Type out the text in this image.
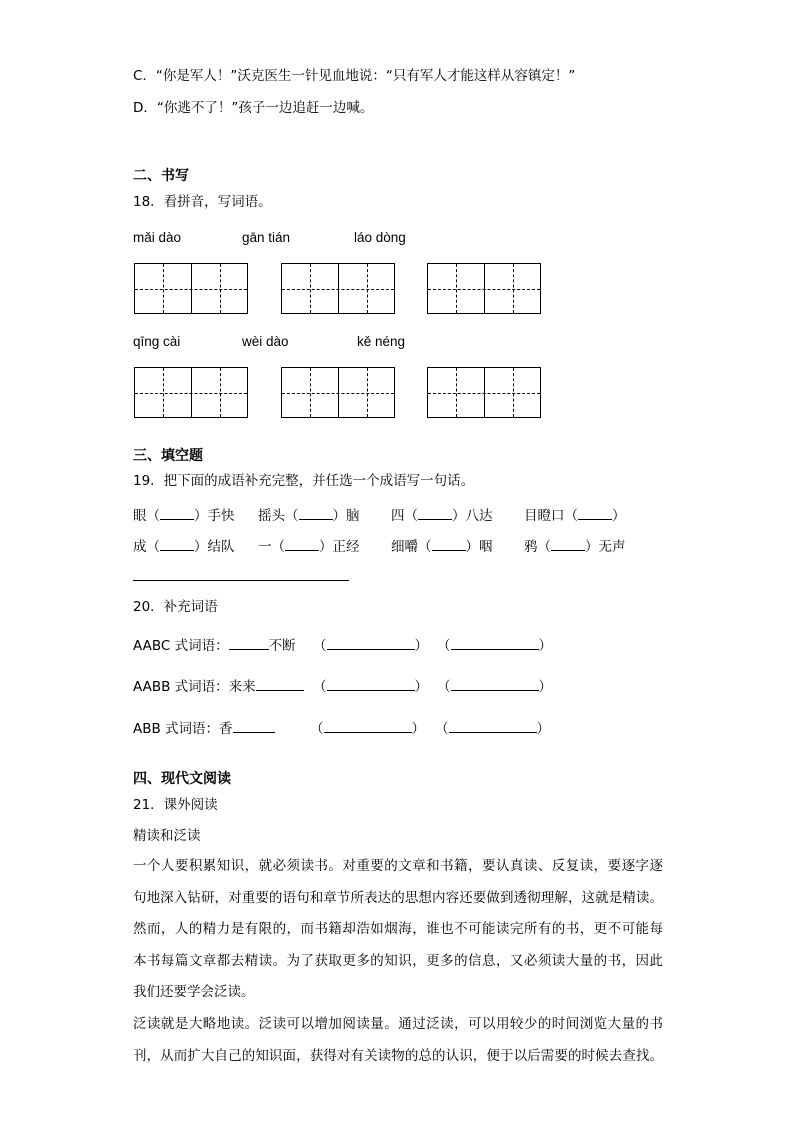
C．“你是军人！”沃克医生一针见血地说：“只有军人才能这样从容镇定！”
D．“你逃不了！”孩子一边追赶一边喊。
二、书写
18．看拼音，写词语。
mǎi dào	gān tián	láo dòng
qīng cài	wèi dào	kě néng
三、填空题
19．把下面的成语补充完整，并任选一个成语写一句话。
眼（	）手快 摇头（	）脑 四（	）八达 目瞪口（	）
成（	）结队 一（	）正经 细嚼（	）咽 鸦（	）无声
20．补充词语
AABC 式词语：	不断 （	） （	）
AABB 式词语：来来	（	） （	）
ABB 式词语：香	（	） （	）
四、现代文阅读
21．课外阅读
精读和泛读
一个人要积累知识，就必须读书。对重要的文章和书籍，要认真读、反复读，要逐字逐
句地深入钻研，对重要的语句和章节所表达的思想内容还要做到透彻理解，这就是精读。
然而，人的精力是有限的，而书籍却浩如烟海，谁也不可能读完所有的书，更不可能每
本书每篇文章都去精读。为了获取更多的知识，更多的信息，又必须读大量的书，因此
我们还要学会泛读。
泛读就是大略地读。泛读可以增加阅读量。通过泛读，可以用较少的时间浏览大量的书
刊，从而扩大自己的知识面，获得对有关读物的总的认识，便于以后需要的时候去查找。
